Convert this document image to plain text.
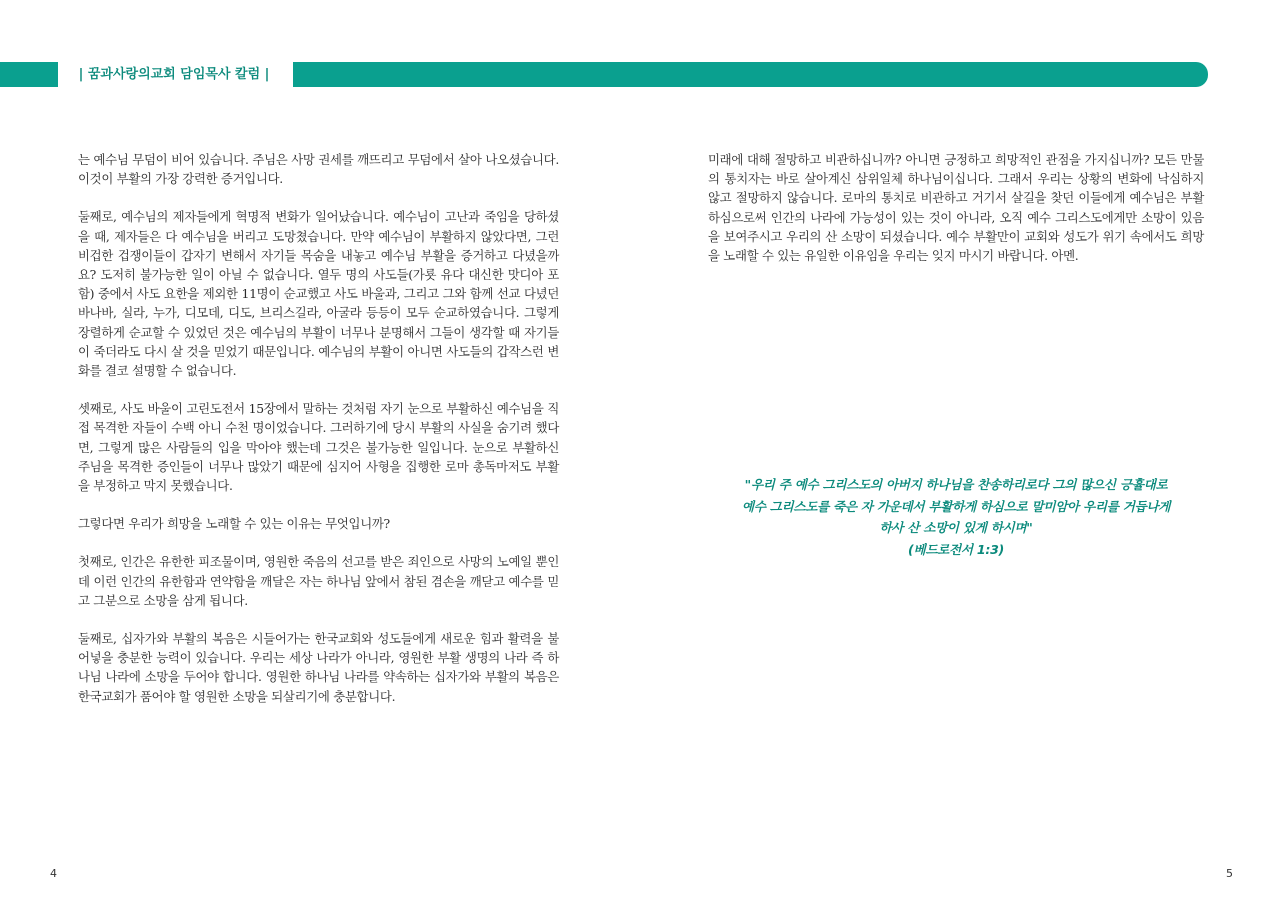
| 꿈과사랑의교회 담임목사 칼럼 |

는 예수님 무덤이 비어 있습니다. 주님은 사망 권세를 깨뜨리고 무덤에서 살아 나오셨습니다. 이것이 부활의 가장 강력한 증거입니다.

둘째로, 예수님의 제자들에게 혁명적 변화가 일어났습니다. 예수님이 고난과 죽임을 당하셨을 때, 제자들은 다 예수님을 버리고 도망쳤습니다. 만약 예수님이 부활하지 않았다면, 그런 비겁한 겁쟁이들이 갑자기 변해서 자기들 목숨을 내놓고 예수님 부활을 증거하고 다녔을까요? 도저히 불가능한 일이 아닐 수 없습니다. 열두 명의 사도들(가룟 유다 대신한 맛디아 포함) 중에서 사도 요한을 제외한 11명이 순교했고 사도 바울과, 그리고 그와 함께 선교 다녔던 바나바, 실라, 누가, 디모데, 디도, 브리스길라, 아굴라 등등이 모두 순교하였습니다. 그렇게 장렬하게 순교할 수 있었던 것은 예수님의 부활이 너무나 분명해서 그들이 생각할 때 자기들이 죽더라도 다시 살 것을 믿었기 때문입니다. 예수님의 부활이 아니면 사도들의 갑작스런 변화를 결코 설명할 수 없습니다.

셋째로, 사도 바울이 고린도전서 15장에서 말하는 것처럼 자기 눈으로 부활하신 예수님을 직접 목격한 자들이 수백 아니 수천 명이었습니다. 그러하기에 당시 부활의 사실을 숨기려 했다면, 그렇게 많은 사람들의 입을 막아야 했는데 그것은 불가능한 일입니다. 눈으로 부활하신 주님을 목격한 증인들이 너무나 많았기 때문에 심지어 사형을 집행한 로마 총독마저도 부활을 부정하고 막지 못했습니다.

그렇다면 우리가 희망을 노래할 수 있는 이유는 무엇입니까?

첫째로, 인간은 유한한 피조물이며, 영원한 죽음의 선고를 받은 죄인으로 사망의 노예일 뿐인데 이런 인간의 유한함과 연약함을 깨달은 자는 하나님 앞에서 참된 겸손을 깨닫고 예수를 믿고 그분으로 소망을 삼게 됩니다.

둘째로, 십자가와 부활의 복음은 시들어가는 한국교회와 성도들에게 새로운 힘과 활력을 불어넣을 충분한 능력이 있습니다. 우리는 세상 나라가 아니라, 영원한 부활 생명의 나라 즉 하나님 나라에 소망을 두어야 합니다. 영원한 하나님 나라를 약속하는 십자가와 부활의 복음은 한국교회가 품어야 할 영원한 소망을 되살리기에 충분합니다.

미래에 대해 절망하고 비관하십니까? 아니면 긍정하고 희망적인 관점을 가지십니까? 모든 만물의 통치자는 바로 살아계신 삼위일체 하나님이십니다. 그래서 우리는 상황의 변화에 낙심하지 않고 절망하지 않습니다. 로마의 통치로 비관하고 거기서 살길을 찾던 이들에게 예수님은 부활하심으로써 인간의 나라에 가능성이 있는 것이 아니라, 오직 예수 그리스도에게만 소망이 있음을 보여주시고 우리의 산 소망이 되셨습니다. 예수 부활만이 교회와 성도가 위기 속에서도 희망을 노래할 수 있는 유일한 이유임을 우리는 잊지 마시기 바랍니다. 아멘.

"우리 주 예수 그리스도의 아버지 하나님을 찬송하리로다 그의 많으신 긍휼대로
예수 그리스도를 죽은 자 가운데서 부활하게 하심으로 말미암아 우리를 거듭나게
하사 산 소망이 있게 하시며"
(베드로전서 1:3)
4	5
